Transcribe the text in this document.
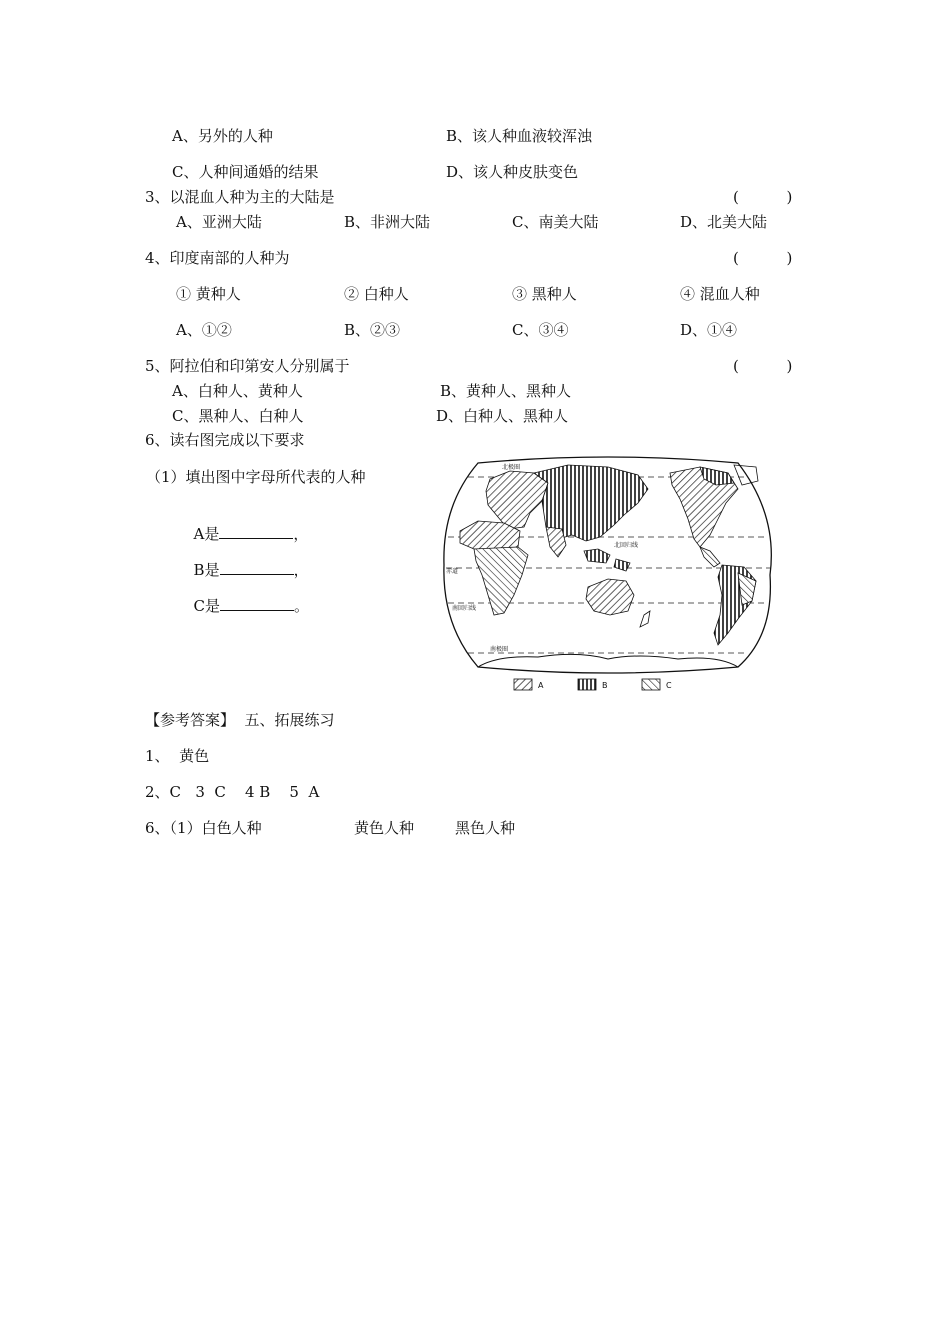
A、另外的人种	B、该人种血液较浑浊
C、人种间通婚的结果	D、该人种皮肤变色
3、以混血人种为主的大陆是	(          )
A、亚洲大陆	B、非洲大陆	C、南美大陆	D、北美大陆
4、印度南部的人种为	(          )
① 黄种人	② 白种人	③ 黑种人	④ 混血人种
A、①②	B、②③	C、③④	D、①④
5、阿拉伯和印第安人分别属于	(          )
A、白种人、黄种人	B、黄种人、黑种人
C、黑种人、白种人	D、白种人、黑种人
6、读右图完成以下要求
（1）填出图中字母所代表的人种

A是	，

B是	，

C是	。

北极圈
北回归线
赤道
南回归线
南极圈
A	B	C
【参考答案】  五、拓展练习
1、  黄色
2、C   3  C    4 B    5  A
6、（1）白色人种	黄色人种	黑色人种
